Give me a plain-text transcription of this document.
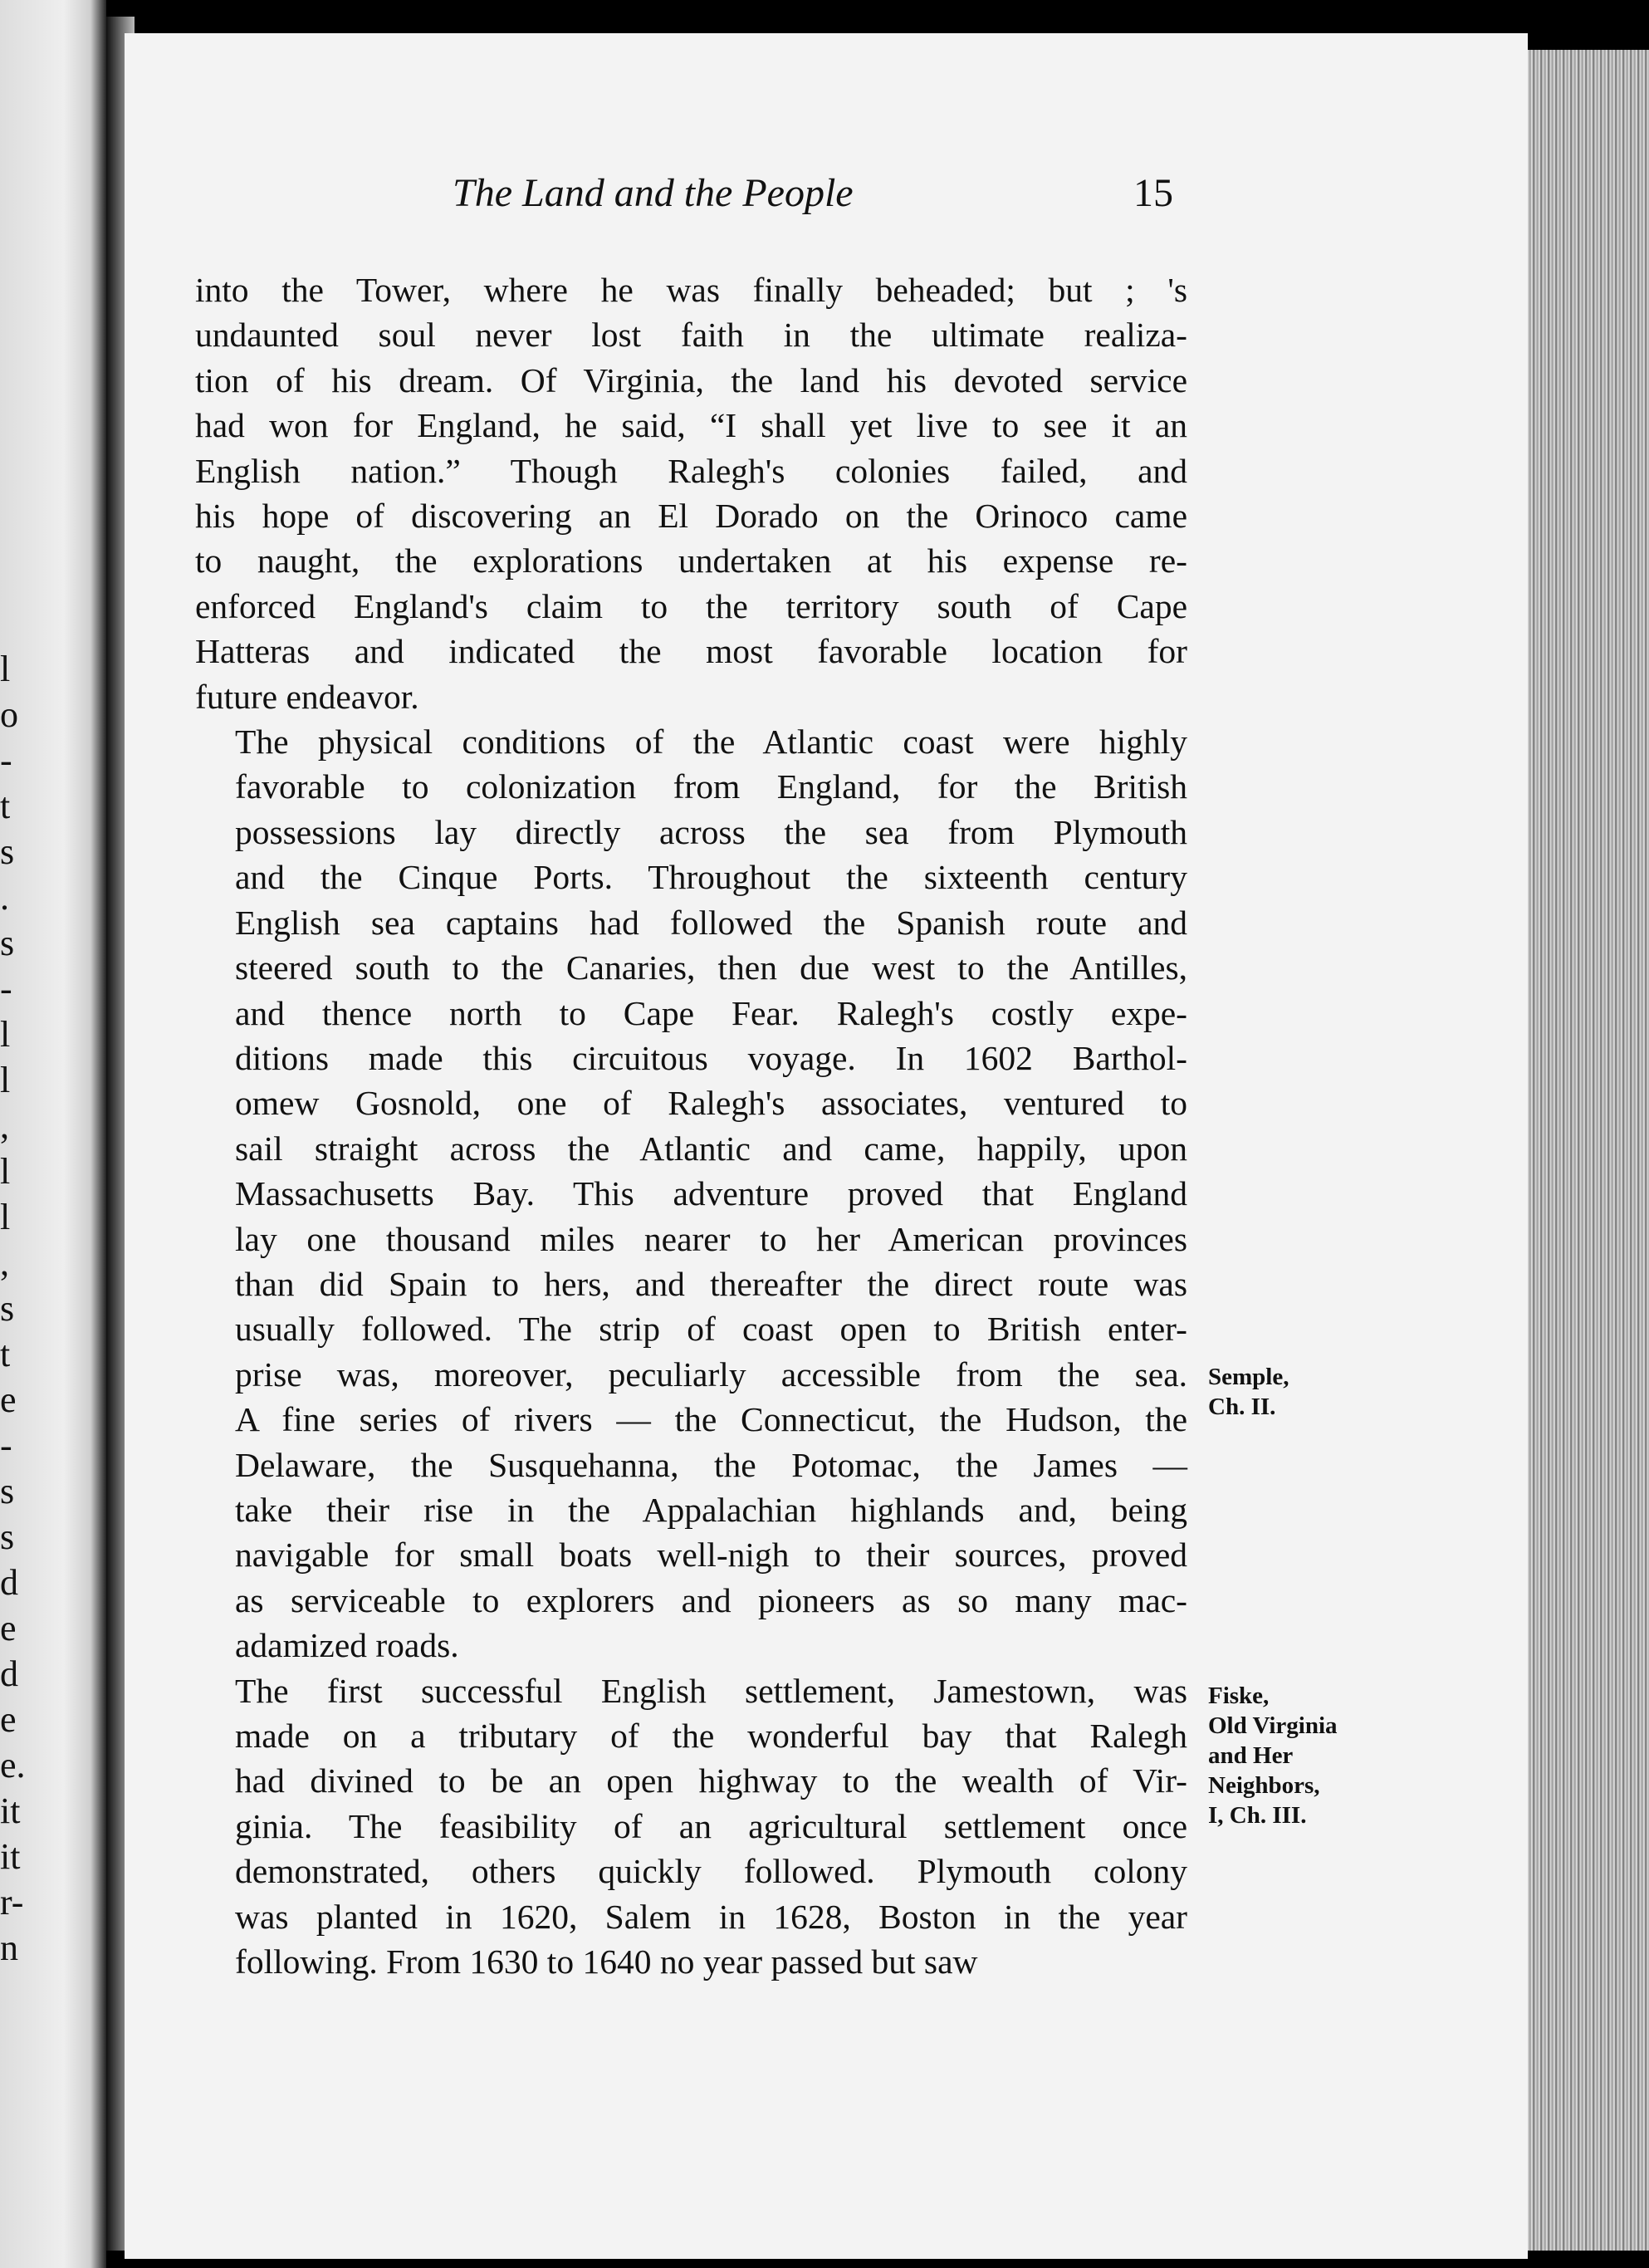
l
o
-
t
s
.
s
-
l
l
,
l
l
,
s
t
e
-
s
s
d
e
d
e
e.
it
it
r-
n
The Land and the People	15

into the Tower, where he was finally beheaded; but ; 's
undaunted soul never lost faith in the ultimate realiza-
tion of his dream. Of Virginia, the land his devoted service
had won for England, he said, “I shall yet live to see it an
English nation.” Though Ralegh's colonies failed, and
his hope of discovering an El Dorado on the Orinoco came
to naught, the explorations undertaken at his expense re-
enforced England's claim to the territory south of Cape
Hatteras and indicated the most favorable location for
future endeavor.

The physical conditions of the Atlantic coast were highly
favorable to colonization from England, for the British
possessions lay directly across the sea from Plymouth
and the Cinque Ports. Throughout the sixteenth century
English sea captains had followed the Spanish route and
steered south to the Canaries, then due west to the Antilles,
and thence north to Cape Fear. Ralegh's costly expe-
ditions made this circuitous voyage. In 1602 Barthol-
omew Gosnold, one of Ralegh's associates, ventured to
sail straight across the Atlantic and came, happily, upon
Massachusetts Bay. This adventure proved that England
lay one thousand miles nearer to her American provinces
than did Spain to hers, and thereafter the direct route was
usually followed. The strip of coast open to British enter-
prise was, moreover, peculiarly accessible from the sea.
A fine series of rivers — the Connecticut, the Hudson, the
Delaware, the Susquehanna, the Potomac, the James —
take their rise in the Appalachian highlands and, being
navigable for small boats well-nigh to their sources, proved
as serviceable to explorers and pioneers as so many mac-
adamized roads.

The first successful English settlement, Jamestown, was
made on a tributary of the wonderful bay that Ralegh
had divined to be an open highway to the wealth of Vir-
ginia. The feasibility of an agricultural settlement once
demonstrated, others quickly followed. Plymouth colony
was planted in 1620, Salem in 1628, Boston in the year
following. From 1630 to 1640 no year passed but saw

Semple,
Ch. II.
Fiske,
Old Virginia
and Her
Neighbors,
I, Ch. III.
